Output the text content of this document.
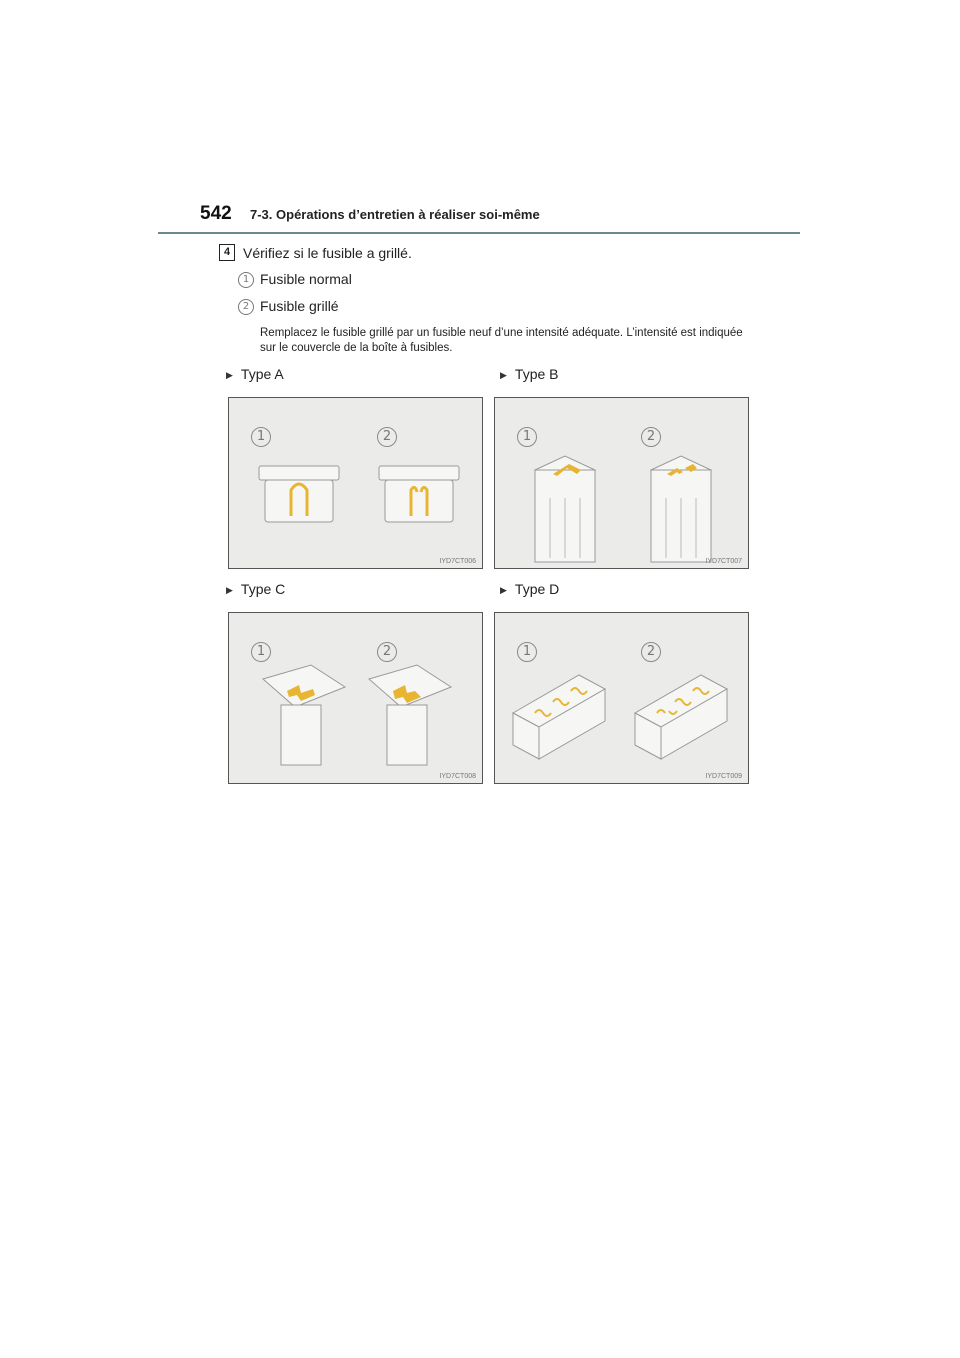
542 7-3. Opérations d’entretien à réaliser soi-même
4 Vérifiez si le fusible a grillé.
1 Fusible normal
2 Fusible grillé
Remplacez le fusible grillé par un fusible neuf d’une intensité adéquate. L’intensité est indiquée sur le couvercle de la boîte à fusibles.
▶ Type A	▶ Type B
▶ Type C	▶ Type D
1	2
IYD7CT006
1	2
IYD7CT007
1	2
IYD7CT008
1	2
IYD7CT009
